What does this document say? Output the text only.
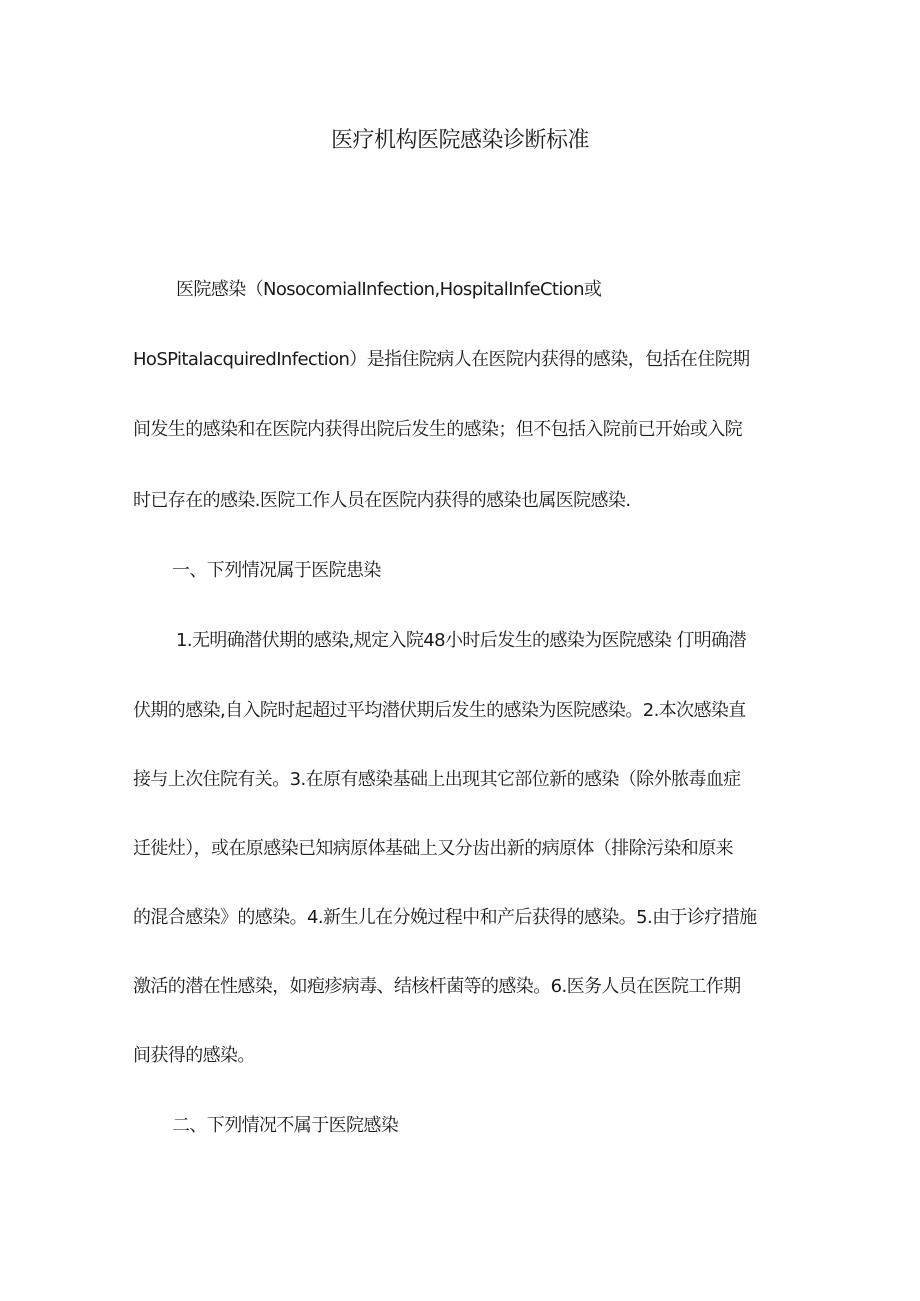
医疗机构医院感染诊断标准
医院感染（NosocomialInfection,HospitalInfeCtion或
HoSPitalacquiredInfection）是指住院病人在医院内获得的感染，包括在住院期
间发生的感染和在医院内获得出院后发生的感染；但不包括入院前已开始或入院
时已存在的感染.医院工作人员在医院内获得的感染也属医院感染.
一、下列情况属于医院患染
1.无明确潜伏期的感染,规定入院48小时后发生的感染为医院感染 仃明确潜
伏期的感染,自入院时起超过平均潜伏期后发生的感染为医院感染。2.本次感染直
接与上次住院有关。3.在原有感染基础上出现其它部位新的感染（除外脓毒血症
迁徙灶），或在原感染已知病原体基础上又分齿出新的病原体（排除污染和原来
的混合感染》的感染。4.新生儿在分娩过程中和产后获得的感染。5.由于诊疗措施
激活的潜在性感染，如疱疹病毒、结核杆菌等的感染。6.医务人员在医院工作期
间获得的感染。
二、下列情况不属于医院感染
